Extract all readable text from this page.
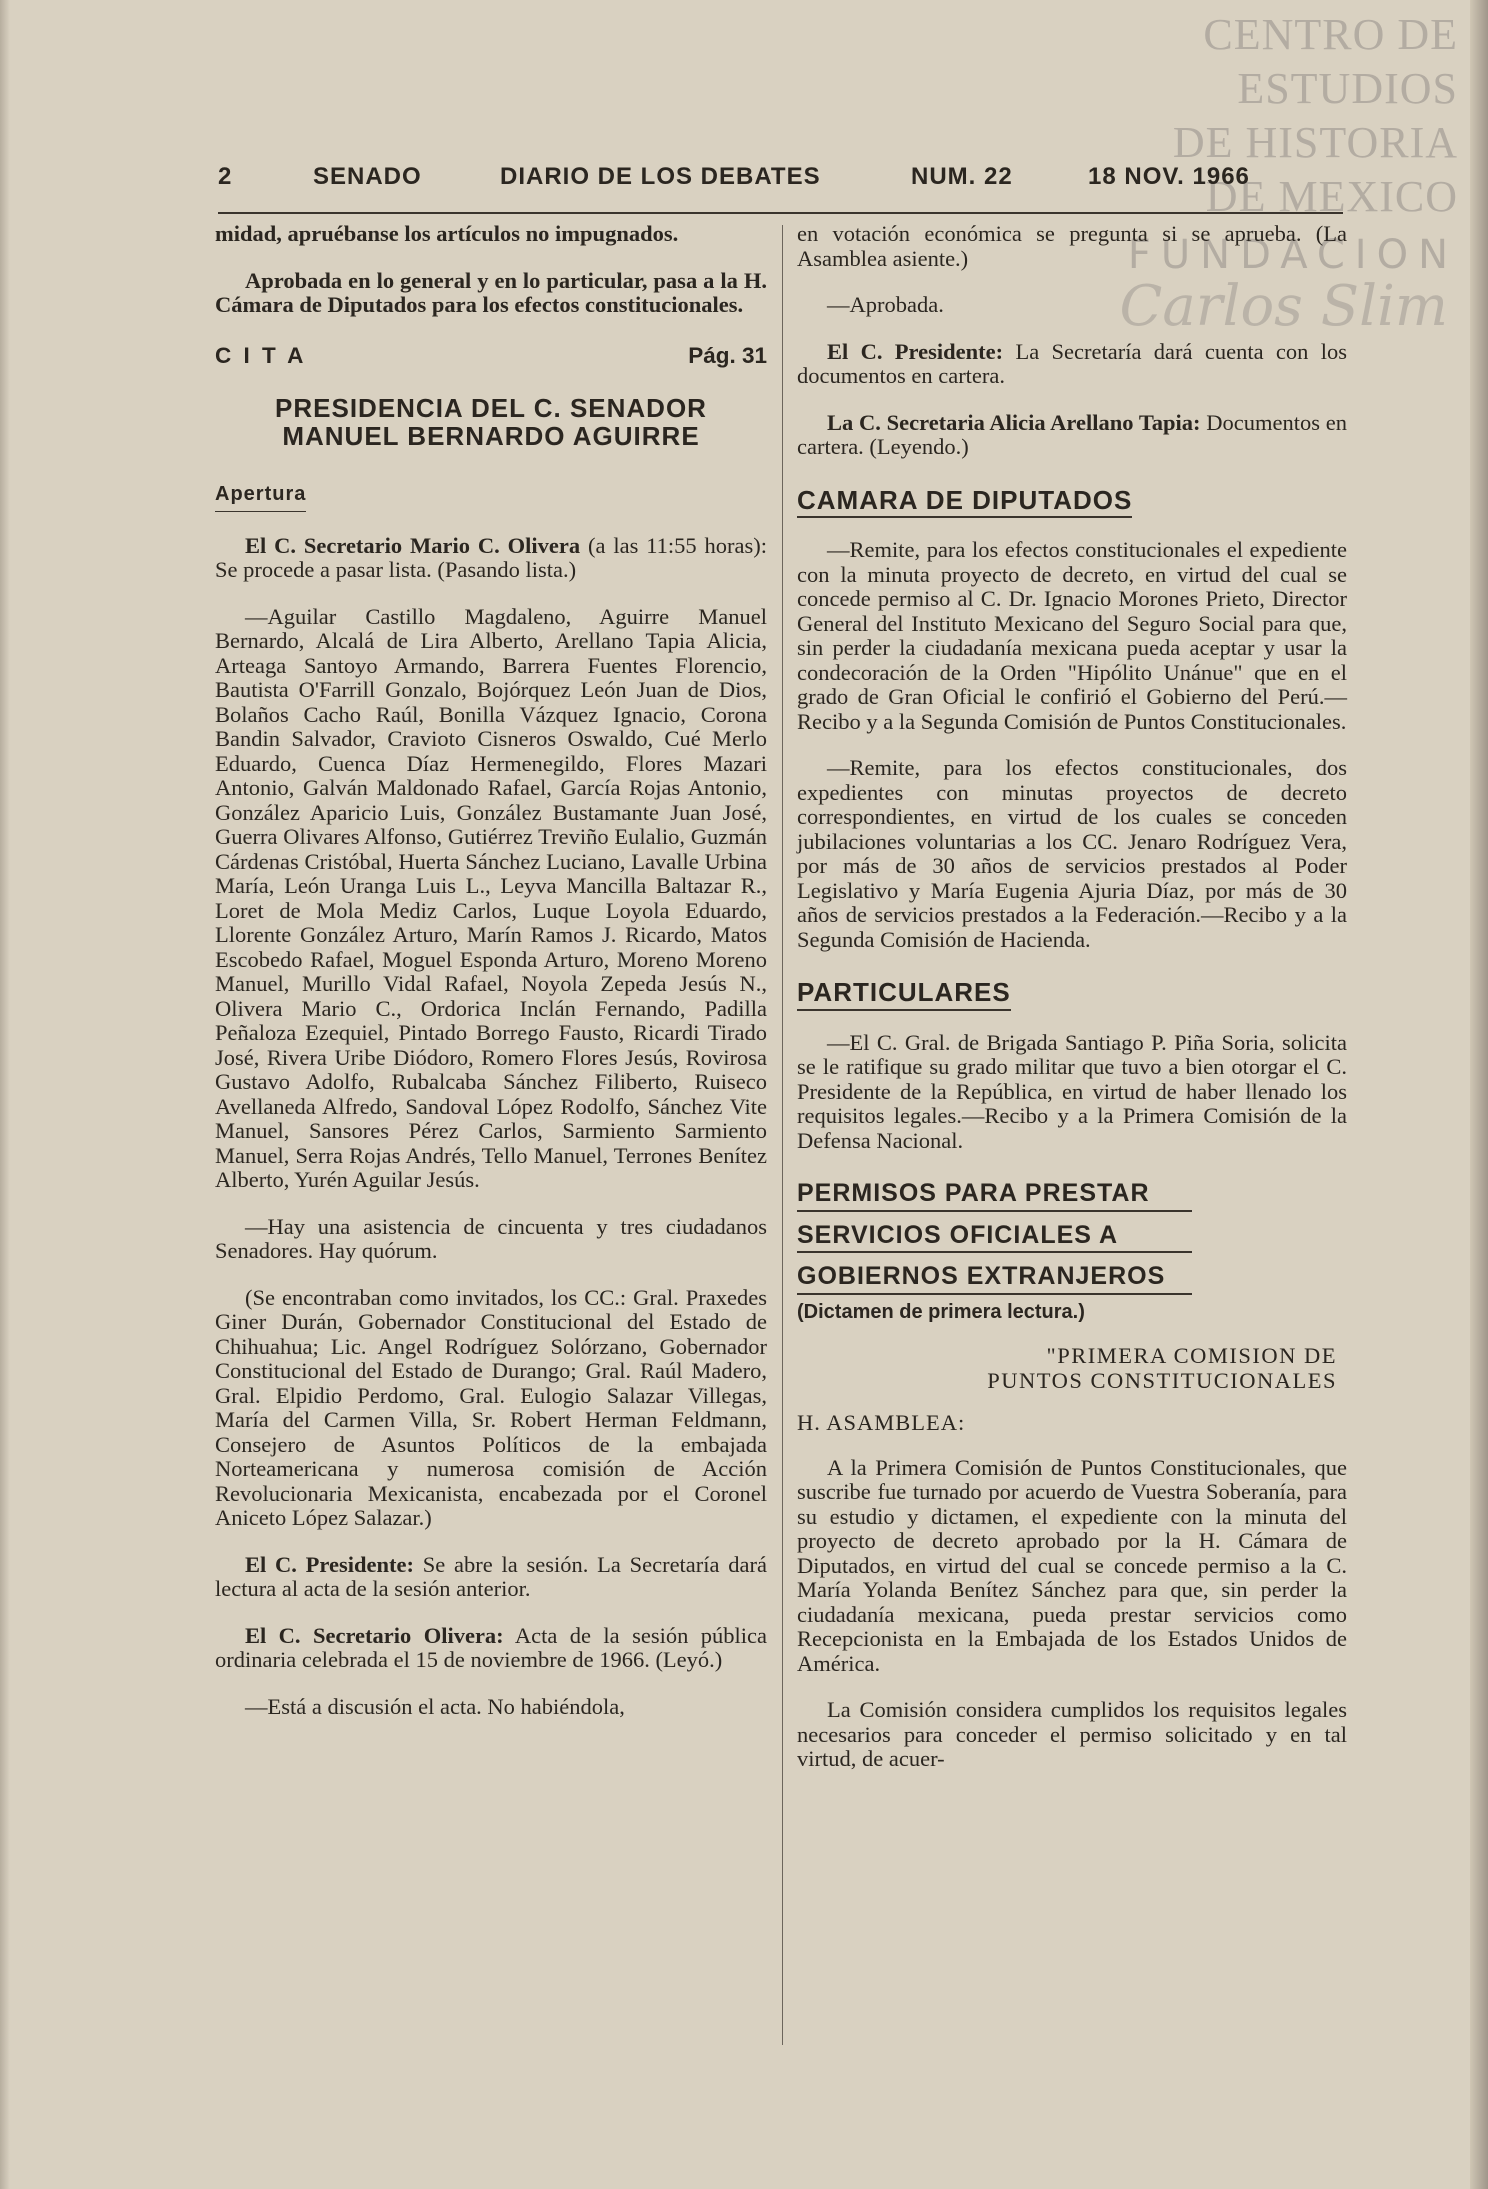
CENTRO DE
ESTUDIOS
DE HISTORIA
DE MEXICO
FUNDACION
Carlos Slim
2	SENADO	DIARIO DE LOS DEBATES	NUM. 22	18 NOV. 1966

midad, apruébanse los artículos no impugnados.

Aprobada en lo general y en lo particular, pasa a la H. Cámara de Diputados para los efectos constitucionales.

C I T A	Pág. 31
PRESIDENCIA DEL C. SENADOR
MANUEL BERNARDO AGUIRRE
Apertura

El C. Secretario Mario C. Olivera (a las 11:55 horas): Se procede a pasar lista. (Pasando lista.)

—Aguilar Castillo Magdaleno, Aguirre Manuel Bernardo, Alcalá de Lira Alberto, Arellano Tapia Alicia, Arteaga Santoyo Armando, Barrera Fuentes Florencio, Bautista O'Farrill Gonzalo, Bojórquez León Juan de Dios, Bolaños Cacho Raúl, Bonilla Vázquez Ignacio, Corona Bandin Salvador, Cravioto Cisneros Oswaldo, Cué Merlo Eduardo, Cuenca Díaz Hermenegildo, Flores Mazari Antonio, Galván Maldonado Rafael, García Rojas Antonio, González Aparicio Luis, González Bustamante Juan José, Guerra Olivares Alfonso, Gutiérrez Treviño Eulalio, Guzmán Cárdenas Cristóbal, Huerta Sánchez Luciano, Lavalle Urbina María, León Uranga Luis L., Leyva Mancilla Baltazar R., Loret de Mola Mediz Carlos, Luque Loyola Eduardo, Llorente González Arturo, Marín Ramos J. Ricardo, Matos Escobedo Rafael, Moguel Esponda Arturo, Moreno Moreno Manuel, Murillo Vidal Rafael, Noyola Zepeda Jesús N., Olivera Mario C., Ordorica Inclán Fernando, Padilla Peñaloza Ezequiel, Pintado Borrego Fausto, Ricardi Tirado José, Rivera Uribe Diódoro, Romero Flores Jesús, Rovirosa Gustavo Adolfo, Rubalcaba Sánchez Filiberto, Ruiseco Avellaneda Alfredo, Sandoval López Rodolfo, Sánchez Vite Manuel, Sansores Pérez Carlos, Sarmiento Sarmiento Manuel, Serra Rojas Andrés, Tello Manuel, Terrones Benítez Alberto, Yurén Aguilar Jesús.

—Hay una asistencia de cincuenta y tres ciudadanos Senadores. Hay quórum.

(Se encontraban como invitados, los CC.: Gral. Praxedes Giner Durán, Gobernador Constitucional del Estado de Chihuahua; Lic. Angel Rodríguez Solórzano, Gobernador Constitucional del Estado de Durango; Gral. Raúl Madero, Gral. Elpidio Perdomo, Gral. Eulogio Salazar Villegas, María del Carmen Villa, Sr. Robert Herman Feldmann, Consejero de Asuntos Políticos de la embajada Norteamericana y numerosa comisión de Acción Revolucionaria Mexicanista, encabezada por el Coronel Aniceto López Salazar.)

El C. Presidente: Se abre la sesión. La Secretaría dará lectura al acta de la sesión anterior.

El C. Secretario Olivera: Acta de la sesión pública ordinaria celebrada el 15 de noviembre de 1966. (Leyó.)

—Está a discusión el acta. No habiéndola,

en votación económica se pregunta si se aprueba. (La Asamblea asiente.)

—Aprobada.

El C. Presidente: La Secretaría dará cuenta con los documentos en cartera.

La C. Secretaria Alicia Arellano Tapia: Documentos en cartera. (Leyendo.)

CAMARA DE DIPUTADOS

—Remite, para los efectos constitucionales el expediente con la minuta proyecto de decreto, en virtud del cual se concede permiso al C. Dr. Ignacio Morones Prieto, Director General del Instituto Mexicano del Seguro Social para que, sin perder la ciudadanía mexicana pueda aceptar y usar la condecoración de la Orden "Hipólito Unánue" que en el grado de Gran Oficial le confirió el Gobierno del Perú.—Recibo y a la Segunda Comisión de Puntos Constitucionales.

—Remite, para los efectos constitucionales, dos expedientes con minutas proyectos de decreto correspondientes, en virtud de los cuales se conceden jubilaciones voluntarias a los CC. Jenaro Rodríguez Vera, por más de 30 años de servicios prestados al Poder Legislativo y María Eugenia Ajuria Díaz, por más de 30 años de servicios prestados a la Federación.—Recibo y a la Segunda Comisión de Hacienda.

PARTICULARES

—El C. Gral. de Brigada Santiago P. Piña Soria, solicita se le ratifique su grado militar que tuvo a bien otorgar el C. Presidente de la República, en virtud de haber llenado los requisitos legales.—Recibo y a la Primera Comisión de la Defensa Nacional.

PERMISOS PARA PRESTAR
SERVICIOS OFICIALES A
GOBIERNOS EXTRANJEROS
(Dictamen de primera lectura.)
"PRIMERA COMISION DE
PUNTOS CONSTITUCIONALES
H. ASAMBLEA:

A la Primera Comisión de Puntos Constitucionales, que suscribe fue turnado por acuerdo de Vuestra Soberanía, para su estudio y dictamen, el expediente con la minuta del proyecto de decreto aprobado por la H. Cámara de Diputados, en virtud del cual se concede permiso a la C. María Yolanda Benítez Sánchez para que, sin perder la ciudadanía mexicana, pueda prestar servicios como Recepcionista en la Embajada de los Estados Unidos de América.

La Comisión considera cumplidos los requisitos legales necesarios para conceder el permiso solicitado y en tal virtud, de acuer-
